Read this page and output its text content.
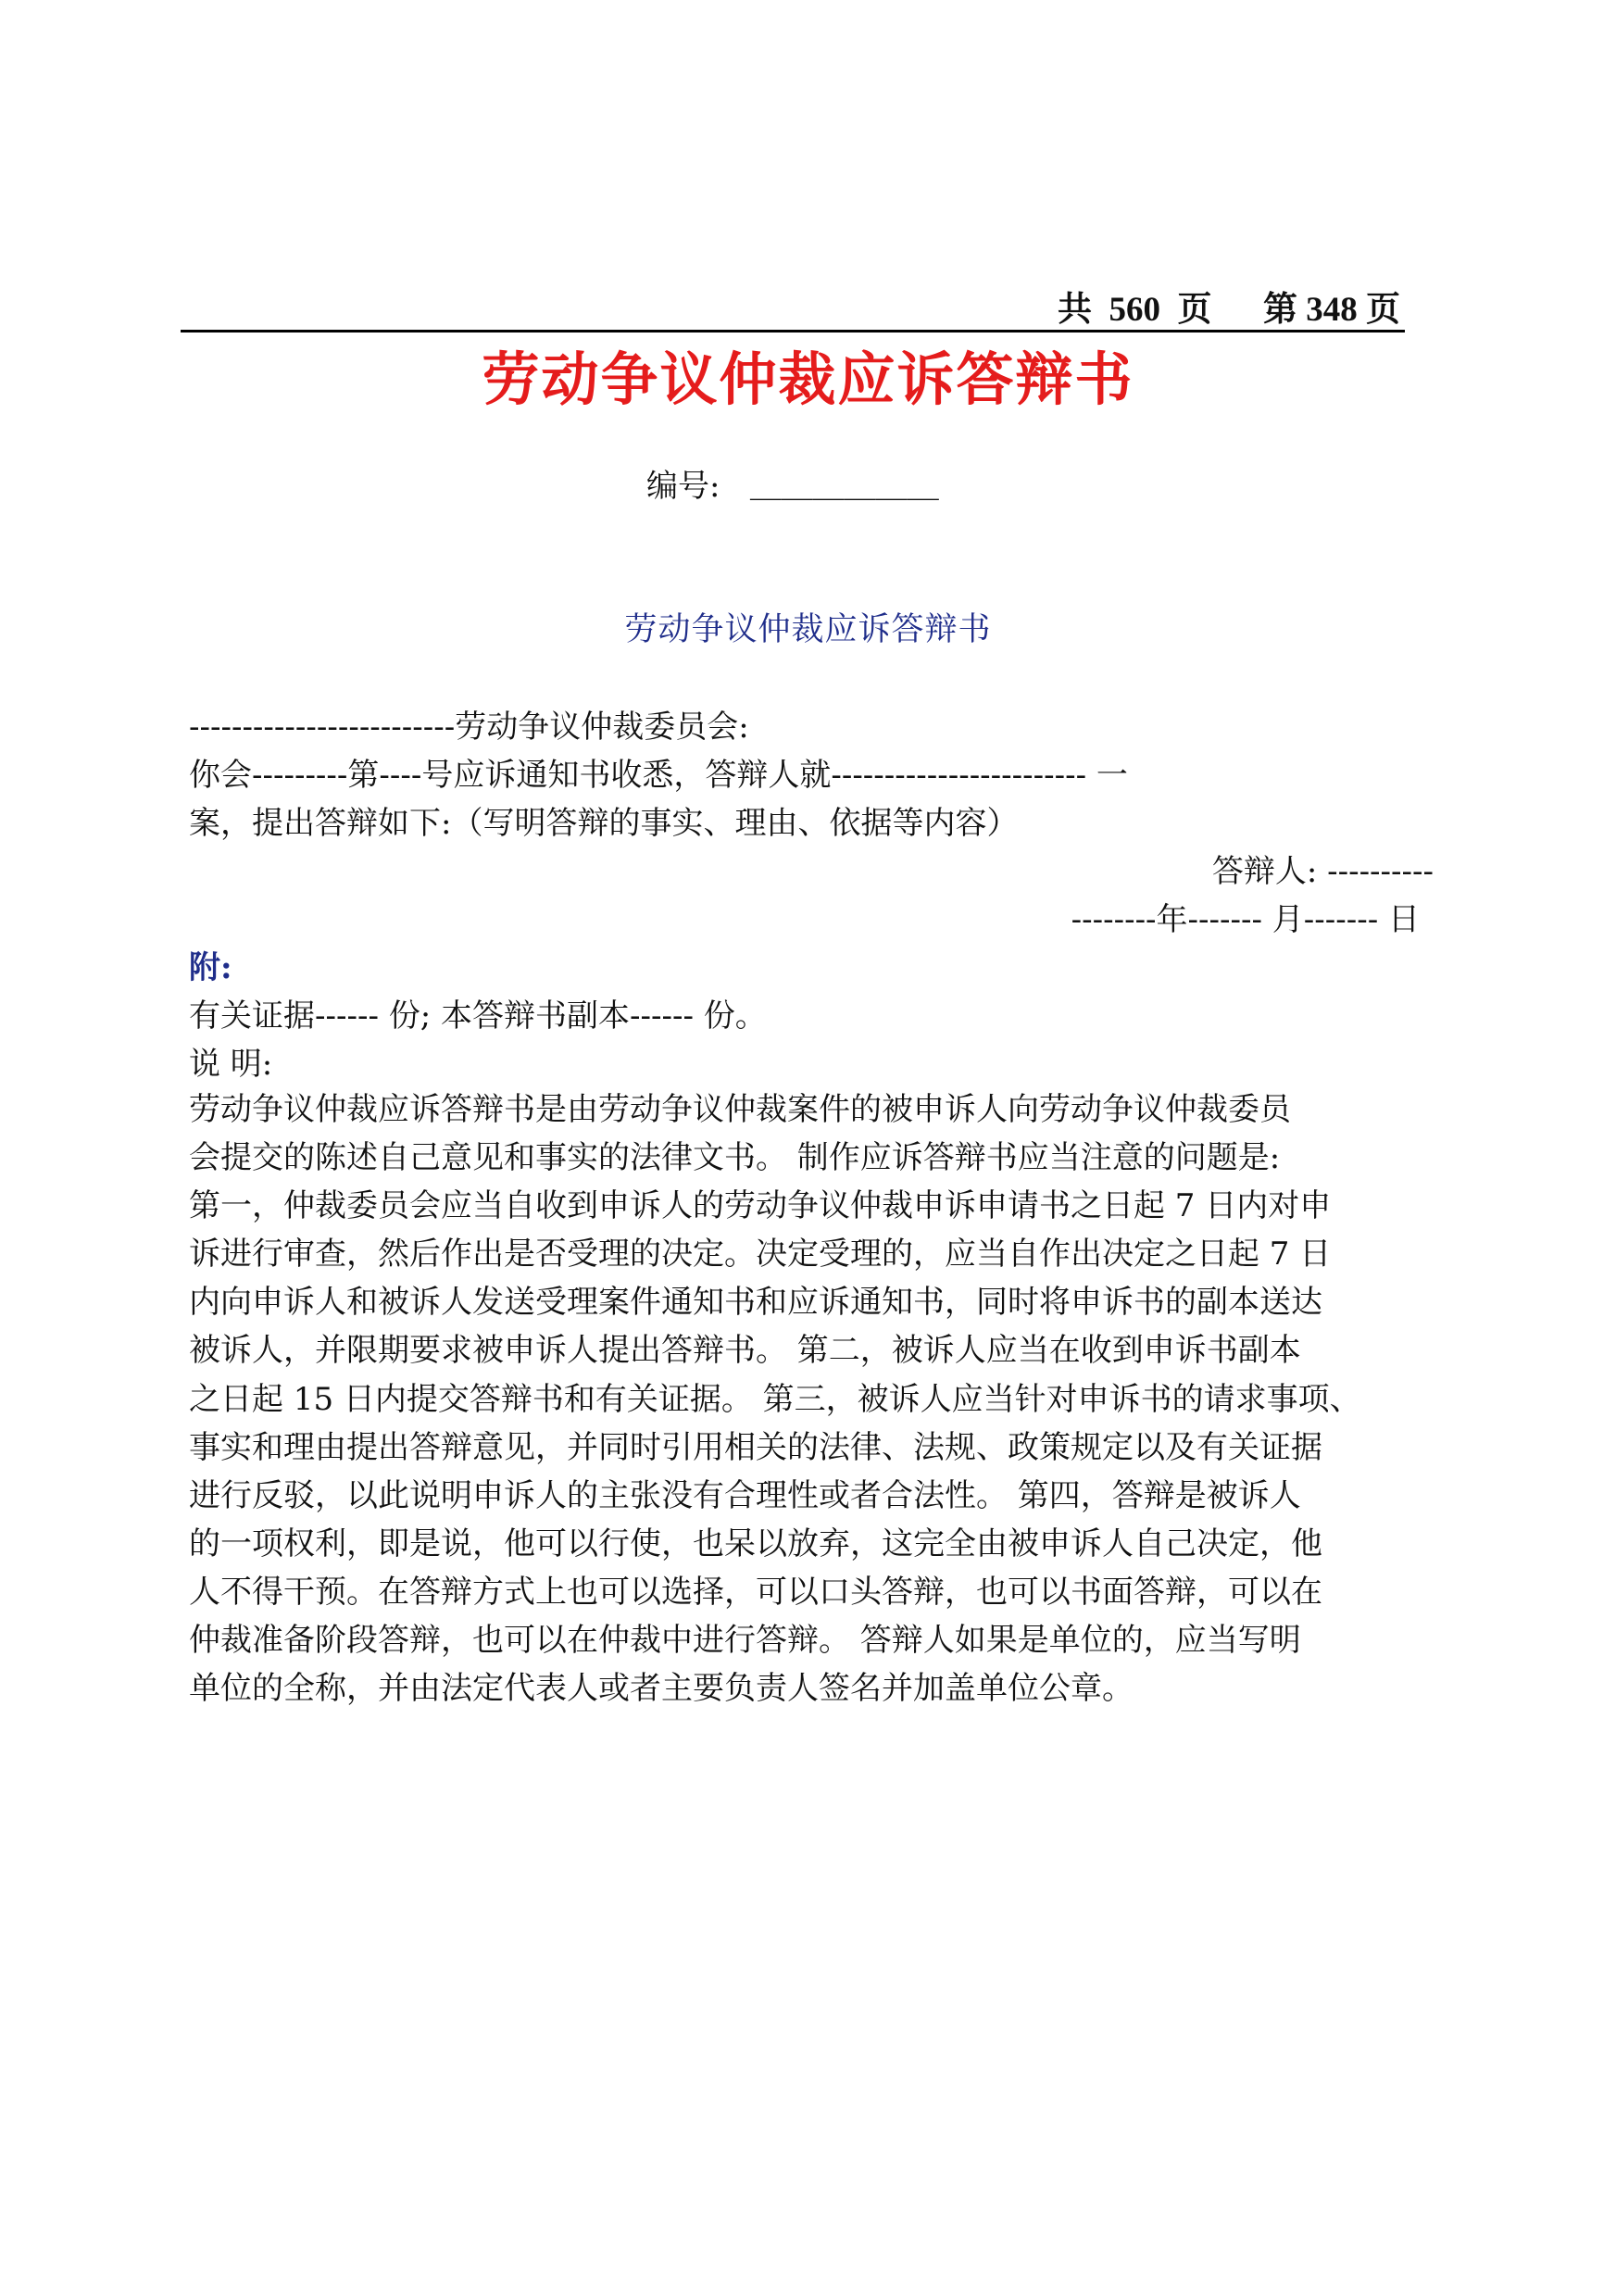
共  560  页      第 348 页
劳动争议仲裁应诉答辩书
编号:   ＿＿＿＿＿＿
劳动争议仲裁应诉答辩书
-------------------------劳动争议仲裁委员会:
你会---------第----号应诉通知书收悉，答辩人就------------------------ 一
案，提出答辩如下:（写明答辩的事实、理由、依据等内容）
答辩人: ----------
--------年------- 月------- 日
附:
有关证据------ 份; 本答辩书副本------ 份。
说 明:
劳动争议仲裁应诉答辩书是由劳动争议仲裁案件的被申诉人向劳动争议仲裁委员
会提交的陈述自己意见和事实的法律文书。 制作应诉答辩书应当注意的问题是:
第一，仲裁委员会应当自收到申诉人的劳动争议仲裁申诉申请书之日起 7 日内对申
诉进行审查，然后作出是否受理的决定。决定受理的，应当自作出决定之日起 7 日
内向申诉人和被诉人发送受理案件通知书和应诉通知书，同时将申诉书的副本送达
被诉人，并限期要求被申诉人提出答辩书。 第二，被诉人应当在收到申诉书副本
之日起 15 日内提交答辩书和有关证据。 第三，被诉人应当针对申诉书的请求事项、
事实和理由提出答辩意见，并同时引用相关的法律、法规、政策规定以及有关证据
进行反驳，以此说明申诉人的主张没有合理性或者合法性。 第四，答辩是被诉人
的一项权利，即是说，他可以行使，也呆以放弃，这完全由被申诉人自己决定，他
人不得干预。在答辩方式上也可以选择，可以口头答辩，也可以书面答辩，可以在
仲裁准备阶段答辩，也可以在仲裁中进行答辩。 答辩人如果是单位的，应当写明
单位的全称，并由法定代表人或者主要负责人签名并加盖单位公章。
